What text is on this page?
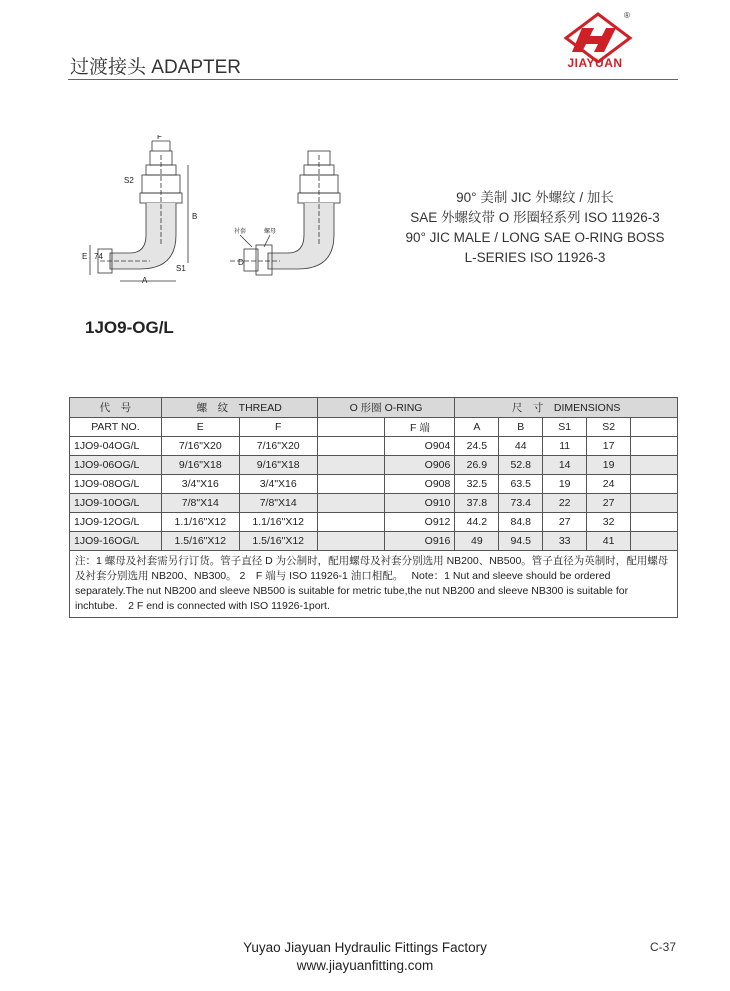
过渡接头 ADAPTER
®
JIAYUAN
F
S2
B
E 74
S1
A
D
衬套	螺母
90° 美制 JIC 外螺纹 / 加长
SAE 外螺纹带 O 形圈轻系列 ISO 11926-3
90° JIC MALE / LONG SAE O-RING BOSS
L-SERIES ISO 11926-3
1JO9-OG/L
代　号	螺　纹　THREAD		O 形圈 O-RING		尺　寸　DIMENSIONS				
PART NO.	E	F		F 端	A	B	S1	S2	
1JO9-04OG/L	7/16"X20	7/16"X20		O904	24.5	44	11	17	
1JO9-06OG/L	9/16"X18	9/16"X18		O906	26.9	52.8	14	19	
1JO9-08OG/L	3/4"X16	3/4"X16		O908	32.5	63.5	19	24	
1JO9-10OG/L	7/8"X14	7/8"X14		O910	37.8	73.4	22	27	
1JO9-12OG/L	1.1/16"X12	1.1/16"X12		O912	44.2	84.8	27	32	
1JO9-16OG/L	1.5/16"X12	1.5/16"X12		O916	49	94.5	33	41	
注：1 螺母及衬套需另行订货。管子直径 D 为公制时，配用螺母及衬套分别选用 NB200、NB500。管子直径为英制时，配用螺母及衬套分别选用 NB200、NB300。 2　F 端与 ISO 11926-1 油口相配。　 Note：1 Nut and sleeve should be ordered separately.The nut NB200 and sleeve NB500 is suitable for metric tube,the nut NB200 and sleeve NB300 is suitable for inchtube.　2 F end is connected with ISO 11926-1port.									
Yuyao Jiayuan Hydraulic Fittings Factory
www.jiayuanfitting.com
C-37
